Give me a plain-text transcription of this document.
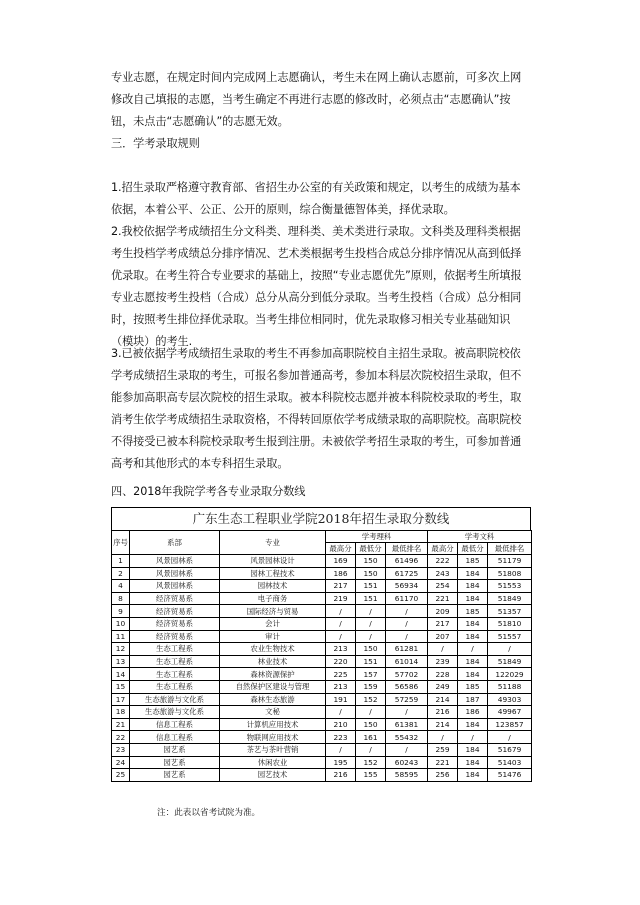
专业志愿，在规定时间内完成网上志愿确认，考生未在网上确认志愿前，可多次上网修改自己填报的志愿，当考生确定不再进行志愿的修改时，必须点击“志愿确认”按钮，未点击“志愿确认”的志愿无效。

三．学考录取规则

1.招生录取严格遵守教育部、省招生办公室的有关政策和规定，以考生的成绩为基本依据，本着公平、公正、公开的原则，综合衡量德智体美，择优录取。

2.我校依据学考成绩招生分文科类、理科类、美术类进行录取。文科类及理科类根据考生投档学考成绩总分排序情况、艺术类根据考生投档合成总分排序情况从高到低择优录取。在考生符合专业要求的基础上，按照“专业志愿优先”原则，依据考生所填报专业志愿按考生投档（合成）总分从高分到低分录取。当考生投档（合成）总分相同时，按照考生排位择优录取。当考生排位相同时，优先录取修习相关专业基础知识（模块）的考生.

3.已被依据学考成绩招生录取的考生不再参加高职院校自主招生录取。被高职院校依学考成绩招生录取的考生，可报名参加普通高考，参加本科层次院校招生录取，但不能参加高职高专层次院校的招生录取。被本科院校志愿并被本科院校录取的考生，取消考生依学考成绩招生录取资格，不得转回原依学考成绩录取的高职院校。高职院校不得接受已被本科院校录取考生报到注册。未被依学考招生录取的考生，可参加普通高考和其他形式的本专科招生录取。

四、2018年我院学考各专业录取分数线

广东生态工程职业学院2018年招生录取分数线
序号	系部	专业	学考理科			学考文科		
			最高分	最低分	最低排名	最高分	最低分	最低排名
1	风景园林系	风景园林设计	169	150	61496	222	185	51179
2	风景园林系	园林工程技术	186	150	61725	243	184	51808
4	风景园林系	园林技术	217	151	56934	254	184	51553
8	经济贸易系	电子商务	219	151	61170	221	184	51849
9	经济贸易系	国际经济与贸易	/	/	/	209	185	51357
10	经济贸易系	会计	/	/	/	217	184	51810
11	经济贸易系	审计	/	/	/	207	184	51557
12	生态工程系	农业生物技术	213	150	61281	/	/	/
13	生态工程系	林业技术	220	151	61014	239	184	51849
14	生态工程系	森林资源保护	225	157	57702	228	184	122029
15	生态工程系	自然保护区建设与管理	213	159	56586	249	185	51188
17	生态旅游与文化系	森林生态旅游	191	152	57259	214	187	49303
18	生态旅游与文化系	文秘	/	/	/	216	186	49967
21	信息工程系	计算机应用技术	210	150	61381	214	184	123857
22	信息工程系	物联网应用技术	223	161	55432	/	/	/
23	园艺系	茶艺与茶叶营销	/	/	/	259	184	51679
24	园艺系	休闲农业	195	152	60243	221	184	51403
25	园艺系	园艺技术	216	155	58595	256	184	51476
注：此表以省考试院为准。
